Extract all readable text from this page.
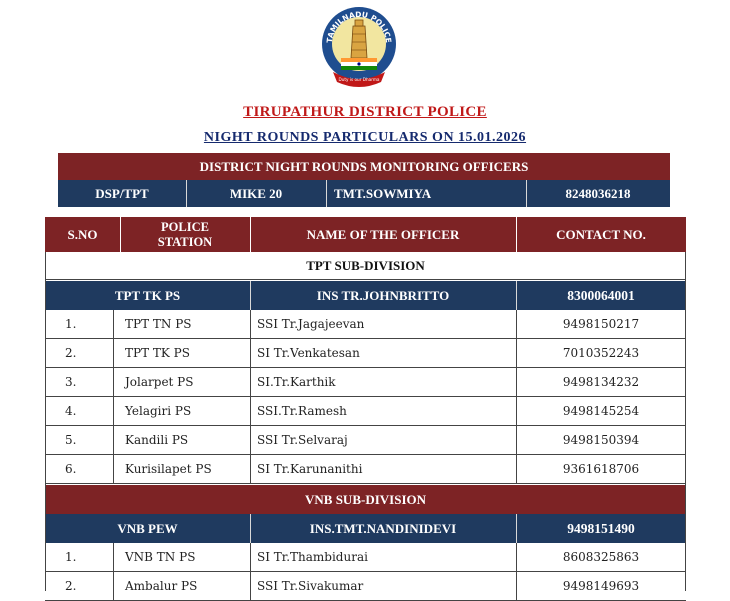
TAMILNADU POLICE
Duty is our Dharma
TIRUPATHUR DISTRICT POLICE
NIGHT ROUNDS PARTICULARS ON 15.01.2026
DISTRICT NIGHT ROUNDS MONITORING OFFICERS
DSP/TPT	MIKE 20	TMT.SOWMIYA	8248036218
S.NO	POLICE STATION	NAME OF THE OFFICER	CONTACT NO.
TPT SUB-DIVISION
TPT TK PS	INS TR.JOHNBRITTO	8300064001
1.	TPT TN PS	SSI Tr.Jagajeevan	9498150217
2.	TPT TK PS	SI Tr.Venkatesan	7010352243
3.	Jolarpet PS	SI.Tr.Karthik	9498134232
4.	Yelagiri PS	SSI.Tr.Ramesh	9498145254
5.	Kandili PS	SSI Tr.Selvaraj	9498150394
6.	Kurisilapet PS	SI Tr.Karunanithi	9361618706
VNB SUB-DIVISION
VNB PEW	INS.TMT.NANDINIDEVI	9498151490
1.	VNB TN PS	SI Tr.Thambidurai	8608325863
2.	Ambalur PS	SSI Tr.Sivakumar	9498149693
